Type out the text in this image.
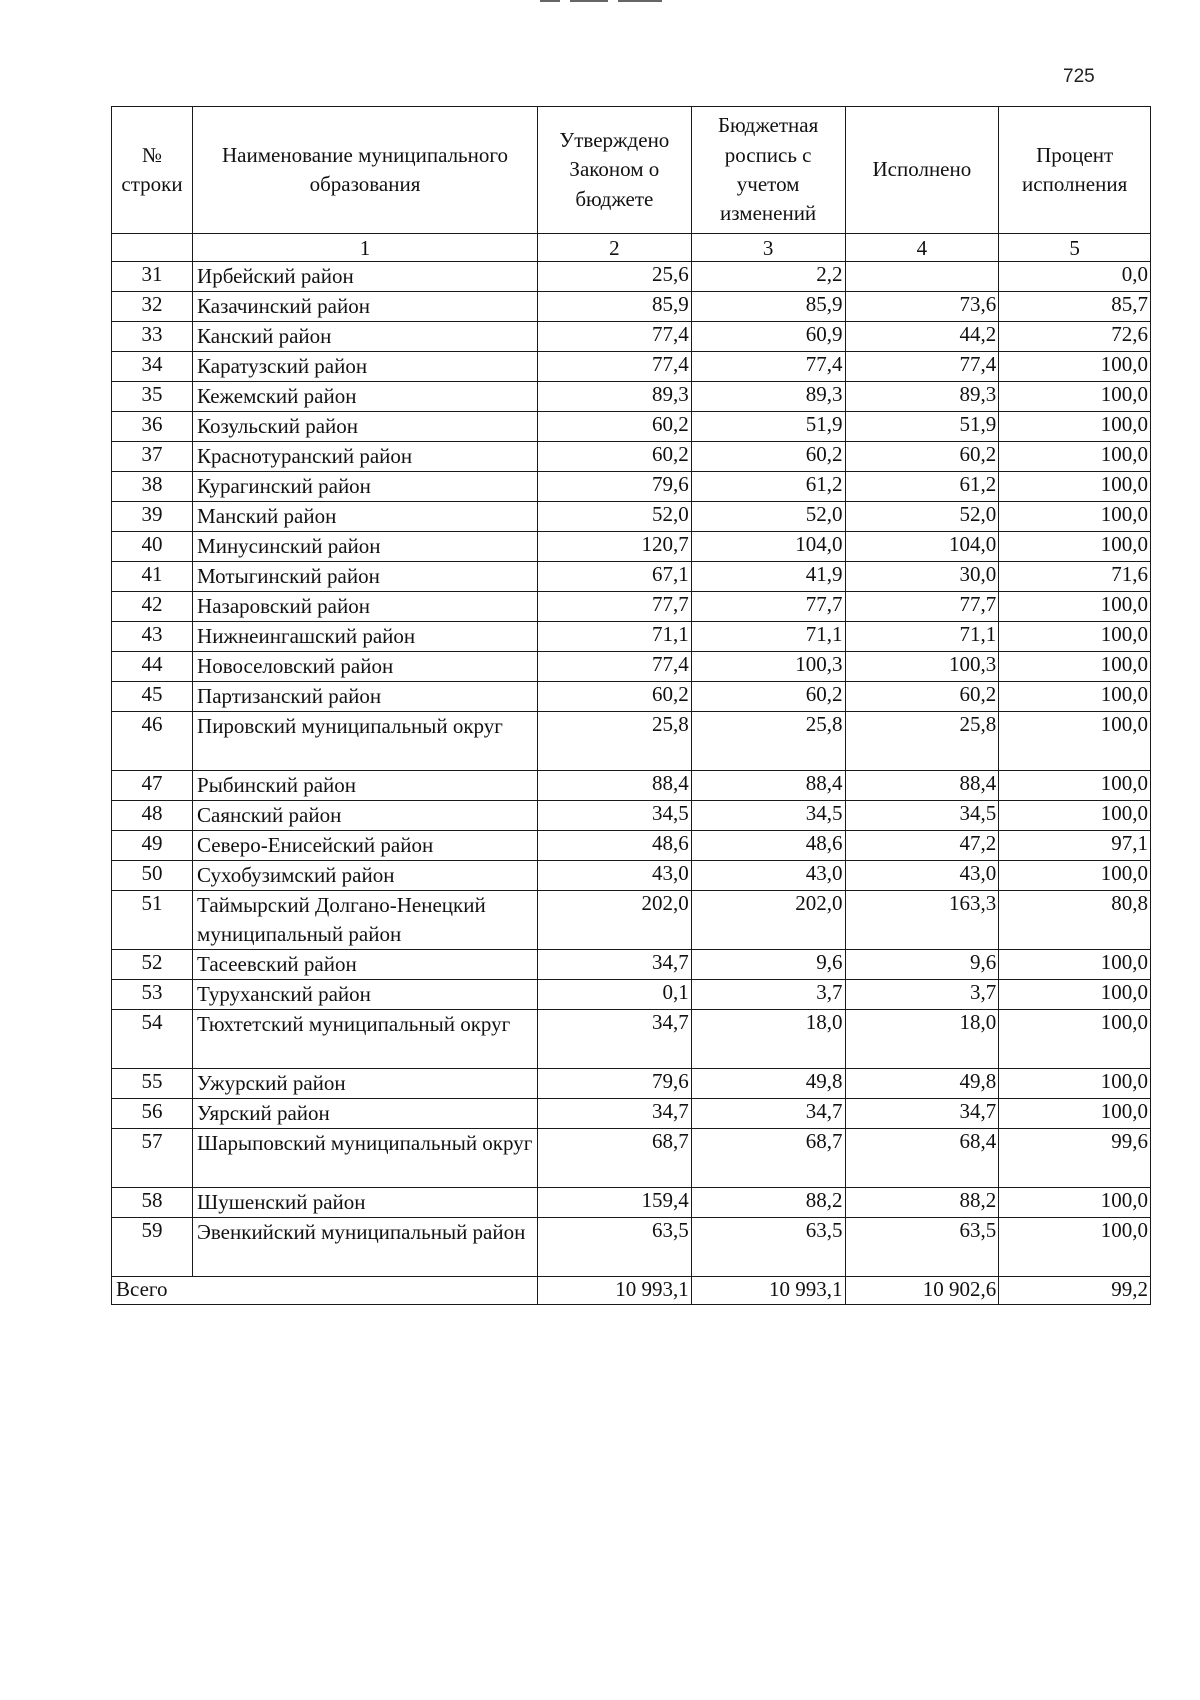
725
№ строки	Наименование муниципального образования	Утверждено Законом о бюджете	Бюджетная роспись с учетом изменений	Исполнено	Процент исполнения
	1	2	3	4	5
31	Ирбейский район	25,6	2,2		0,0
32	Казачинский район	85,9	85,9	73,6	85,7
33	Канский район	77,4	60,9	44,2	72,6
34	Каратузский район	77,4	77,4	77,4	100,0
35	Кежемский район	89,3	89,3	89,3	100,0
36	Козульский район	60,2	51,9	51,9	100,0
37	Краснотуранский район	60,2	60,2	60,2	100,0
38	Курагинский район	79,6	61,2	61,2	100,0
39	Манский район	52,0	52,0	52,0	100,0
40	Минусинский район	120,7	104,0	104,0	100,0
41	Мотыгинский район	67,1	41,9	30,0	71,6
42	Назаровский район	77,7	77,7	77,7	100,0
43	Нижнеингашский район	71,1	71,1	71,1	100,0
44	Новоселовский район	77,4	100,3	100,3	100,0
45	Партизанский район	60,2	60,2	60,2	100,0
46	Пировский муниципальный округ	25,8	25,8	25,8	100,0
47	Рыбинский район	88,4	88,4	88,4	100,0
48	Саянский район	34,5	34,5	34,5	100,0
49	Северо-Енисейский район	48,6	48,6	47,2	97,1
50	Сухобузимский район	43,0	43,0	43,0	100,0
51	Таймырский Долгано-Ненецкий муниципальный район	202,0	202,0	163,3	80,8
52	Тасеевский район	34,7	9,6	9,6	100,0
53	Туруханский район	0,1	3,7	3,7	100,0
54	Тюхтетский муниципальный округ	34,7	18,0	18,0	100,0
55	Ужурский район	79,6	49,8	49,8	100,0
56	Уярский район	34,7	34,7	34,7	100,0
57	Шарыповский муниципальный округ	68,7	68,7	68,4	99,6
58	Шушенский район	159,4	88,2	88,2	100,0
59	Эвенкийский муниципальный район	63,5	63,5	63,5	100,0
Всего		10 993,1	10 993,1	10 902,6	99,2
